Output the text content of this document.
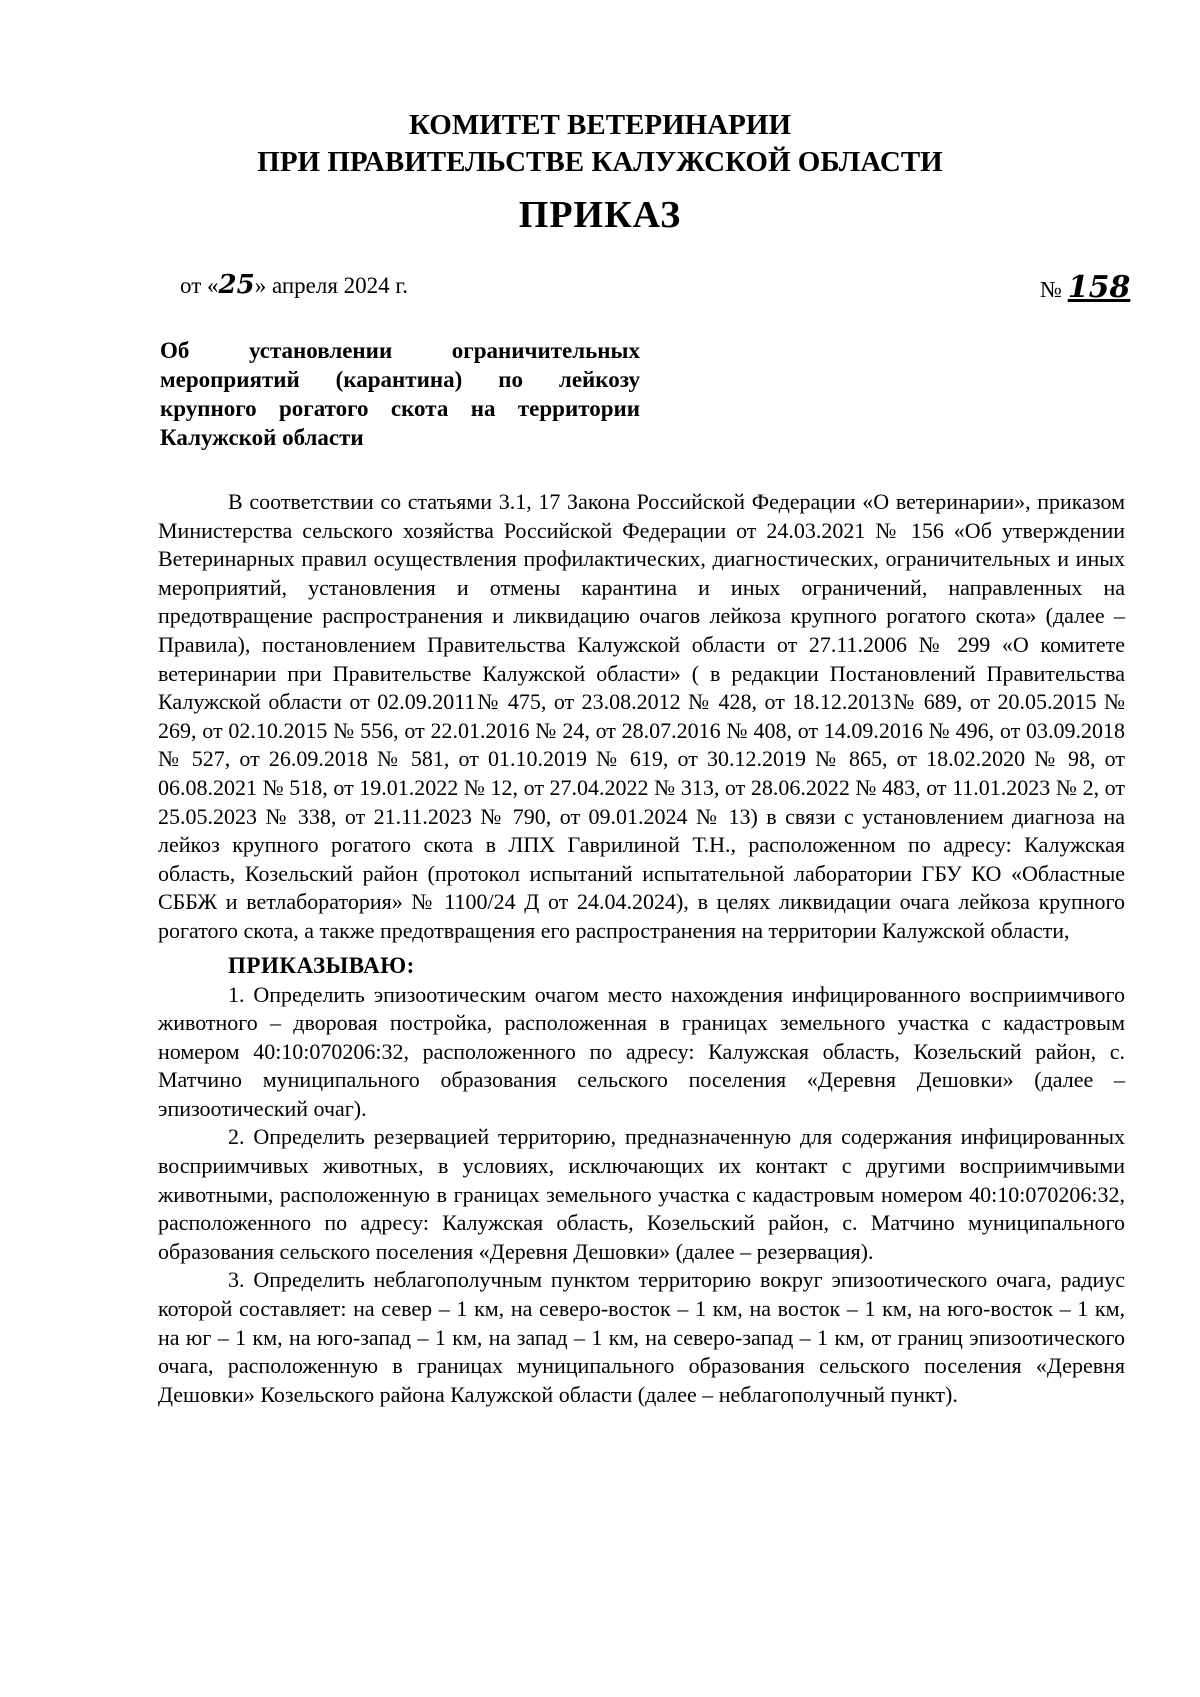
КОМИТЕТ ВЕТЕРИНАРИИ
ПРИ ПРАВИТЕЛЬСТВЕ КАЛУЖСКОЙ ОБЛАСТИ
ПРИКАЗ
от «25» апреля 2024 г.	№ 158
Об установлении ограничительных мероприятий (карантина) по лейкозу крупного рогатого скота на территории Калужской области

В соответствии со статьями 3.1, 17 Закона Российской Федерации «О ветеринарии», приказом Министерства сельского хозяйства Российской Федерации от 24.03.2021 № 156 «Об утверждении Ветеринарных правил осуществления профилактических, диагностических, ограничительных и иных мероприятий, установления и отмены карантина и иных ограничений, направленных на предотвращение распространения и ликвидацию очагов лейкоза крупного рогатого скота» (далее – Правила), постановлением Правительства Калужской области от 27.11.2006 № 299 «О комитете ветеринарии при Правительстве Калужской области» ( в редакции Постановлений Правительства Калужской области от 02.09.2011№ 475, от 23.08.2012 № 428, от 18.12.2013№ 689, от 20.05.2015 № 269, от 02.10.2015 № 556, от 22.01.2016 № 24, от 28.07.2016 № 408, от 14.09.2016 № 496, от 03.09.2018 № 527, от 26.09.2018 № 581, от 01.10.2019 № 619, от 30.12.2019 № 865, от 18.02.2020 № 98, от 06.08.2021 № 518, от 19.01.2022 № 12, от 27.04.2022 № 313, от 28.06.2022 № 483, от 11.01.2023 № 2, от 25.05.2023 № 338, от 21.11.2023 № 790, от 09.01.2024 № 13) в связи с установлением диагноза на лейкоз крупного рогатого скота в ЛПХ Гаврилиной Т.Н., расположенном по адресу: Калужская область, Козельский район (протокол испытаний испытательной лаборатории ГБУ КО «Областные СББЖ и ветлаборатория» № 1100/24 Д от 24.04.2024), в целях ликвидации очага лейкоза крупного рогатого скота, а также предотвращения его распространения на территории Калужской области,

ПРИКАЗЫВАЮ:

1. Определить эпизоотическим очагом место нахождения инфицированного восприимчивого животного – дворовая постройка, расположенная в границах земельного участка с кадастровым номером 40:10:070206:32, расположенного по адресу: Калужская область, Козельский район, с. Матчино муниципального образования сельского поселения «Деревня Дешовки» (далее – эпизоотический очаг).

2. Определить резервацией территорию, предназначенную для содержания инфицированных восприимчивых животных, в условиях, исключающих их контакт с другими восприимчивыми животными, расположенную в границах земельного участка с кадастровым номером 40:10:070206:32, расположенного по адресу: Калужская область, Козельский район, с. Матчино муниципального образования сельского поселения «Деревня Дешовки» (далее – резервация).

3. Определить неблагополучным пунктом территорию вокруг эпизоотического очага, радиус которой составляет: на север – 1 км, на северо-восток – 1 км, на восток – 1 км, на юго-восток – 1 км, на юг – 1 км, на юго-запад – 1 км, на запад – 1 км, на северо-запад – 1 км, от границ эпизоотического очага, расположенную в границах муниципального образования сельского поселения «Деревня Дешовки» Козельского района Калужской области (далее – неблагополучный пункт).
